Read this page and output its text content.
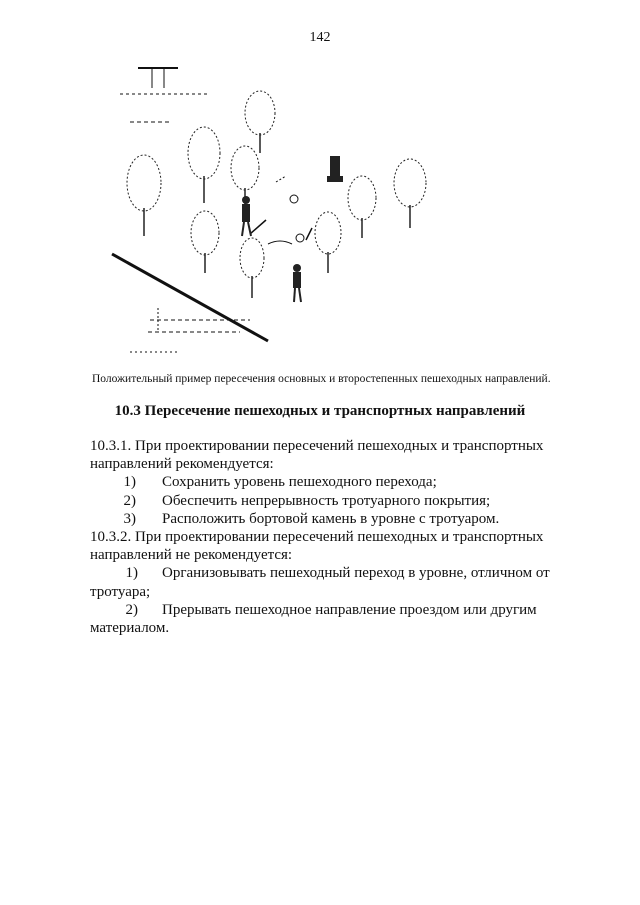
142
Положительный пример пересечения основных и второстепенных пешеходных направлений.
10.3 Пересечение пешеходных и транспортных направлений

10.3.1. При проектировании пересечений пешеходных и транспортных

направлений рекомендуется:

1) Сохранить уровень пешеходного перехода;

2) Обеспечить непрерывность тротуарного покрытия;

3) Расположить бортовой камень в уровне с тротуаром.

10.3.2. При проектировании пересечений пешеходных и транспортных

направлений не рекомендуется:

1) Организовывать пешеходный переход в уровне, отличном от

тротуара;

2) Прерывать пешеходное направление проездом или другим

материалом.
